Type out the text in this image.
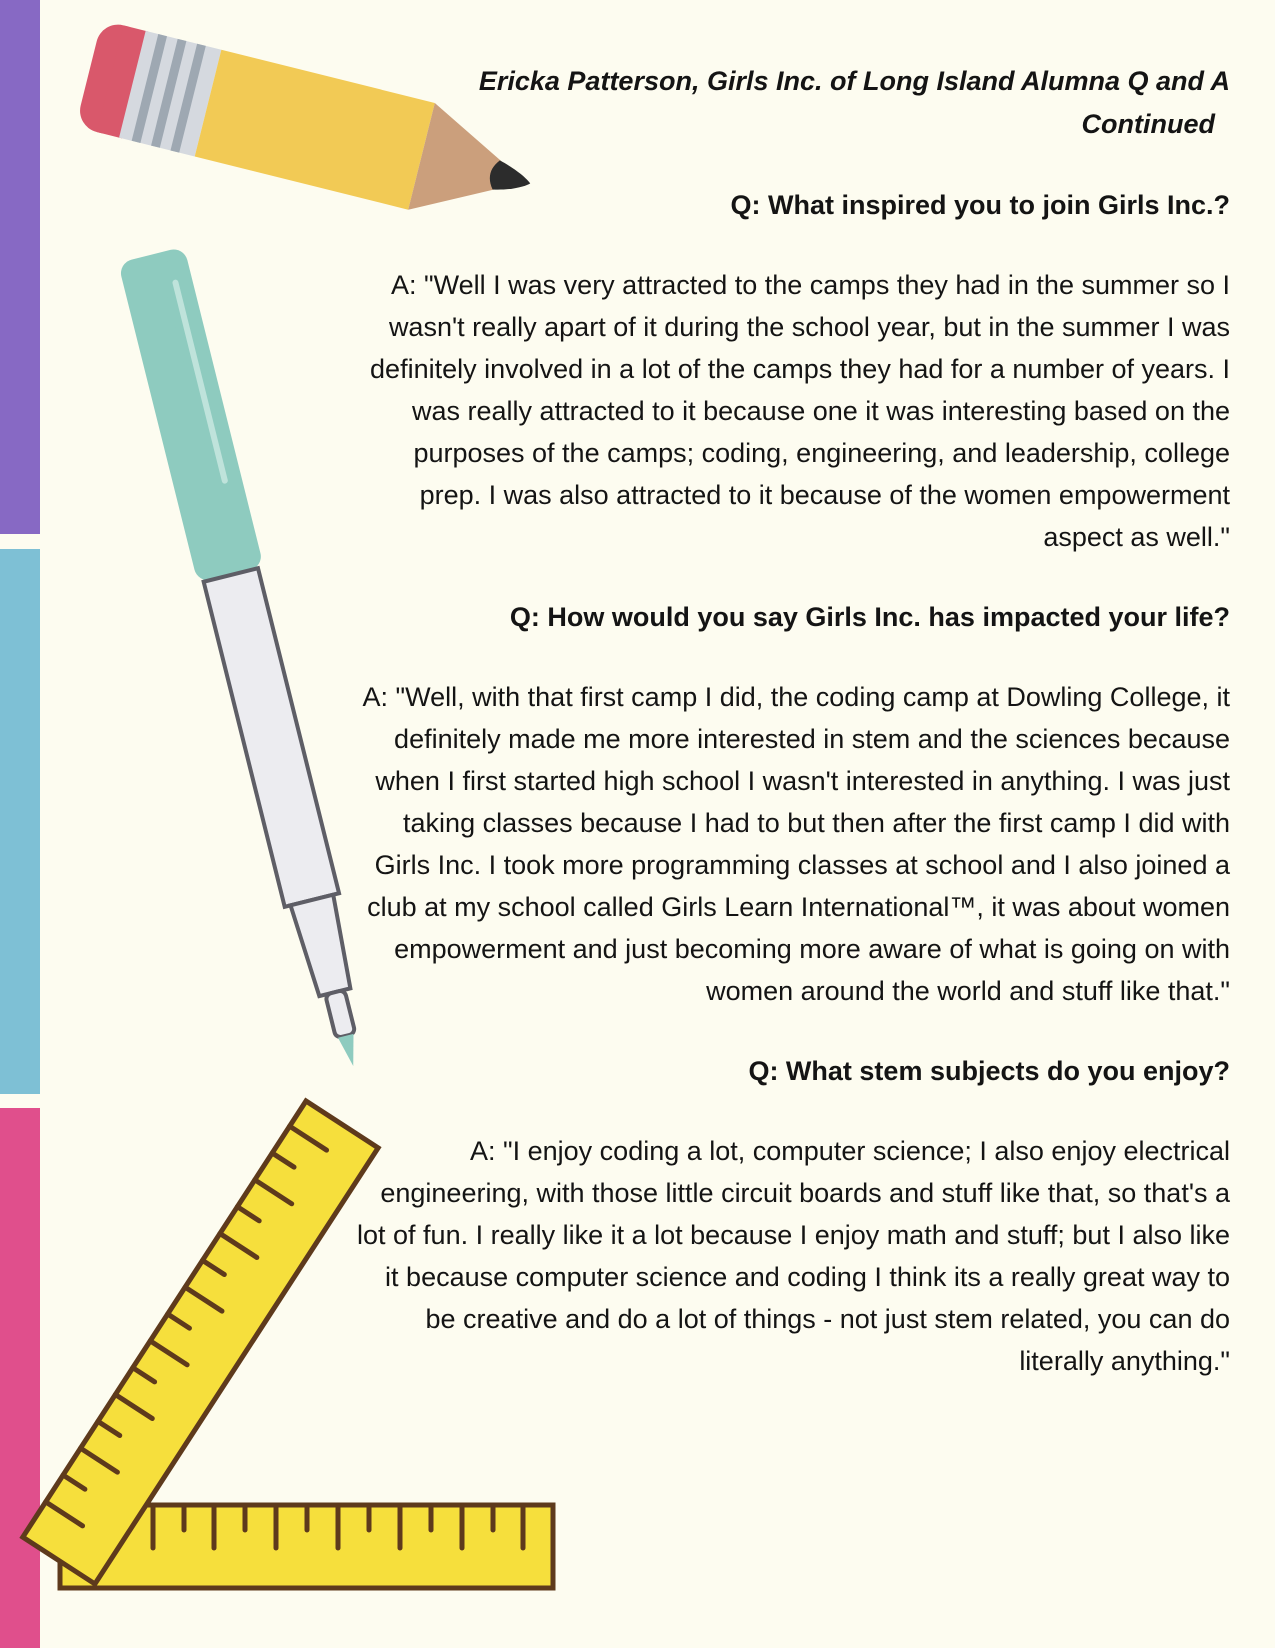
Ericka Patterson, Girls Inc. of Long Island Alumna Q and A
Continued

Q: What inspired you to join Girls Inc.?

A: "Well I was very attracted to the camps they had in the summer so I wasn't really apart of it during the school year, but in the summer I was definitely involved in a lot of the camps they had for a number of years. I was really attracted to it because one it was interesting based on the purposes of the camps; coding, engineering, and leadership, college prep. I was also attracted to it because of the women empowerment aspect as well."

Q: How would you say Girls Inc. has impacted your life?

A: "Well, with that first camp I did, the coding camp at Dowling College, it definitely made me more interested in stem and the sciences because when I first started high school I wasn't interested in anything. I was just taking classes because I had to but then after the first camp I did with Girls Inc. I took more programming classes at school and I also joined a club at my school called Girls Learn International™, it was about women empowerment and just becoming more aware of what is going on with women around the world and stuff like that."

Q: What stem subjects do you enjoy?

A: "I enjoy coding a lot, computer science; I also enjoy electrical engineering, with those little circuit boards and stuff like that, so that's a lot of fun. I really like it a lot because I enjoy math and stuff; but I also like it because computer science and coding I think its a really great way to be creative and do a lot of things - not just stem related, you can do literally anything."
